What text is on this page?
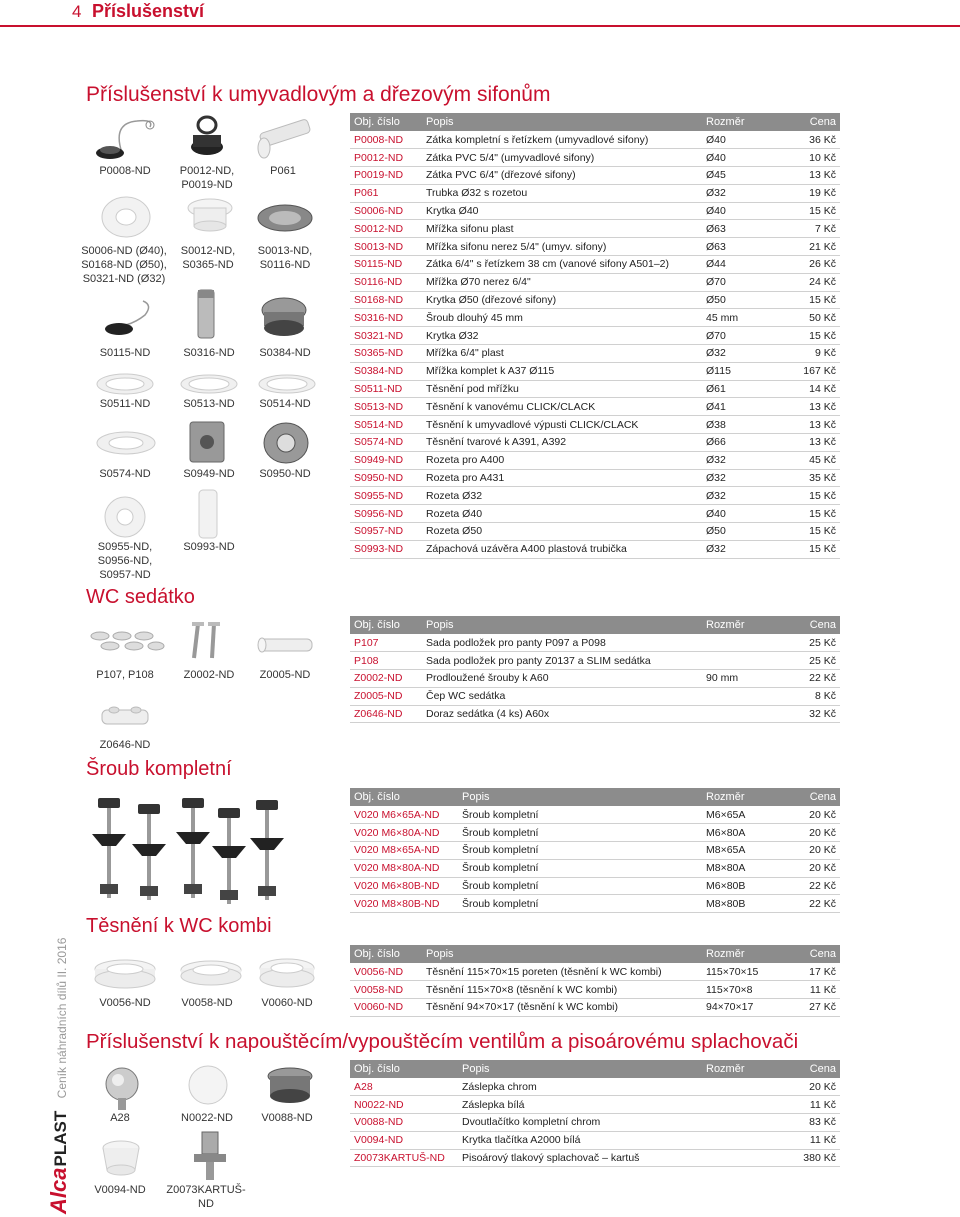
4 Příslušenství
AlcaPLAST Ceník náhradních dílů II. 2016
Příslušenství k umyvadlovým a dřezovým sifonům
WC sedátko
Šroub kompletní
Těsnění k WC kombi
Příslušenství k napouštěcím/vypouštěcím ventilům a pisoárovému splachovači
P0008-ND	P0012-ND,
P0019-ND
P061
S0006-ND (Ø40),
S0168-ND (Ø50),
S0321-ND (Ø32)
S0012-ND,
S0365-ND
S0013-ND,
S0116-ND
S0115-ND	S0316-ND	S0384-ND
S0511-ND	S0513-ND	S0514-ND
S0574-ND	S0949-ND	S0950-ND
S0955-ND,
S0956-ND,
S0957-ND
S0993-ND
P107, P108	Z0002-ND	Z0005-ND
Z0646-ND
V0056-ND	V0058-ND	V0060-ND
A28	N0022-ND	V0088-ND
V0094-ND	Z0073KARTUŠ-ND
Obj. číslo	Popis	Rozměr	Cena
P0008-ND	Zátka kompletní s řetízkem (umyvadlové sifony)	Ø40	36 Kč
P0012-ND	Zátka PVC 5/4" (umyvadlové sifony)	Ø40	10 Kč
P0019-ND	Zátka PVC 6/4" (dřezové sifony)	Ø45	13 Kč
P061	Trubka Ø32 s rozetou	Ø32	19 Kč
S0006-ND	Krytka Ø40	Ø40	15 Kč
S0012-ND	Mřížka sifonu plast	Ø63	7 Kč
S0013-ND	Mřížka sifonu nerez 5/4" (umyv. sifony)	Ø63	21 Kč
S0115-ND	Zátka 6/4" s řetízkem 38 cm (vanové sifony A501–2)	Ø44	26 Kč
S0116-ND	Mřížka Ø70 nerez 6/4"	Ø70	24 Kč
S0168-ND	Krytka Ø50 (dřezové sifony)	Ø50	15 Kč
S0316-ND	Šroub dlouhý 45 mm	45 mm	50 Kč
S0321-ND	Krytka Ø32	Ø70	15 Kč
S0365-ND	Mřížka 6/4" plast	Ø32	9 Kč
S0384-ND	Mřížka komplet k A37 Ø115	Ø115	167 Kč
S0511-ND	Těsnění pod mřížku	Ø61	14 Kč
S0513-ND	Těsnění k vanovému CLICK/CLACK	Ø41	13 Kč
S0514-ND	Těsnění k umyvadlové výpusti CLICK/CLACK	Ø38	13 Kč
S0574-ND	Těsnění tvarové k A391, A392	Ø66	13 Kč
S0949-ND	Rozeta pro A400	Ø32	45 Kč
S0950-ND	Rozeta pro A431	Ø32	35 Kč
S0955-ND	Rozeta Ø32	Ø32	15 Kč
S0956-ND	Rozeta Ø40	Ø40	15 Kč
S0957-ND	Rozeta Ø50	Ø50	15 Kč
S0993-ND	Zápachová uzávěra A400 plastová trubička	Ø32	15 Kč
Obj. číslo	Popis	Rozměr	Cena
P107	Sada podložek pro panty P097 a P098		25 Kč
P108	Sada podložek pro panty Z0137 a SLIM sedátka		25 Kč
Z0002-ND	Prodloužené šrouby k A60	90 mm	22 Kč
Z0005-ND	Čep WC sedátka		8 Kč
Z0646-ND	Doraz sedátka (4 ks) A60x		32 Kč
Obj. číslo	Popis	Rozměr	Cena
V020 M6×65A-ND	Šroub kompletní	M6×65A	20 Kč
V020 M6×80A-ND	Šroub kompletní	M6×80A	20 Kč
V020 M8×65A-ND	Šroub kompletní	M8×65A	20 Kč
V020 M8×80A-ND	Šroub kompletní	M8×80A	20 Kč
V020 M6×80B-ND	Šroub kompletní	M6×80B	22 Kč
V020 M8×80B-ND	Šroub kompletní	M8×80B	22 Kč
Obj. číslo	Popis	Rozměr	Cena
V0056-ND	Těsnění 115×70×15 poreten (těsnění k WC kombi)	115×70×15	17 Kč
V0058-ND	Těsnění 115×70×8 (těsnění k WC kombi)	115×70×8	11 Kč
V0060-ND	Těsnění 94×70×17 (těsnění k WC kombi)	94×70×17	27 Kč
Obj. číslo	Popis	Rozměr	Cena
A28	Záslepka chrom		20 Kč
N0022-ND	Záslepka bílá		11 Kč
V0088-ND	Dvoutlačítko kompletní chrom		83 Kč
V0094-ND	Krytka tlačítka A2000 bílá		11 Kč
Z0073KARTUŠ-ND	Pisoárový tlakový splachovač – kartuš		380 Kč
